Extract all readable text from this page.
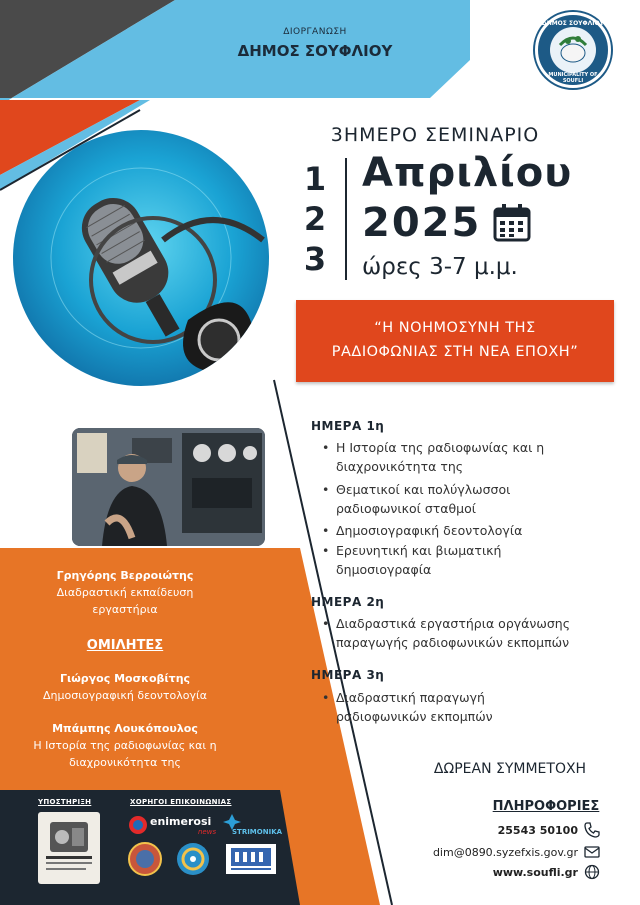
ΔΙΟΡΓΑΝΩΣΗ
ΔΗΜΟΣ ΣΟΥΦΛΙΟΥ
ΔΗΜΟΣ ΣΟΥΦΛΙΟΥ
MUNICIPALITY OF SOUFLI
3ΗΜΕΡΟ ΣΕΜΙΝΑΡΙΟ
1
2
3
Απριλίου
2025
ώρες 3-7 μ.μ.
“Η ΝΟΗΜΟΣΥΝΗ ΤΗΣ
ΡΑΔΙΟΦΩΝΙΑΣ ΣΤΗ ΝΕΑ ΕΠΟΧΗ”
Γρηγόρης Βερροιώτης
Διαδραστική εκπαίδευση
εργαστήρια
ΟΜΙΛΗΤΕΣ
Γιώργος Μοσκοβίτης
Δημοσιογραφική δεοντολογία
Μπάμπης Λουκόπουλος
Η Ιστορία της ραδιοφωνίας και η
διαχρονικότητα της
ΗΜΕΡΑ 1η
• Η Ιστορία της ραδιοφωνίας και η
διαχρονικότητα της
• Θεματικοί και πολύγλωσσοι
ραδιοφωνικοί σταθμοί
• Δημοσιογραφική δεοντολογία
• Ερευνητική και βιωματική
δημοσιογραφία
ΗΜΕΡΑ 2η
• Διαδραστικά εργαστήρια οργάνωσης
παραγωγής ραδιοφωνικών εκπομπών
ΗΜΕΡΑ 3η
• Διαδραστική παραγωγή
ραδιοφωνικών εκπομπών
ΔΩΡΕΑΝ ΣΥΜΜΕΤΟΧΗ
ΠΛΗΡΟΦΟΡΙΕΣ
25543 50100
dim@0890.syzefxis.gov.gr
www.soufli.gr
ΥΠΟΣΤΗΡΙΞΗ	ΧΟΡΗΓΟΙ ΕΠΙΚΟΙΝΩΝΙΑΣ
enimerosi
news STRIMONIKA
